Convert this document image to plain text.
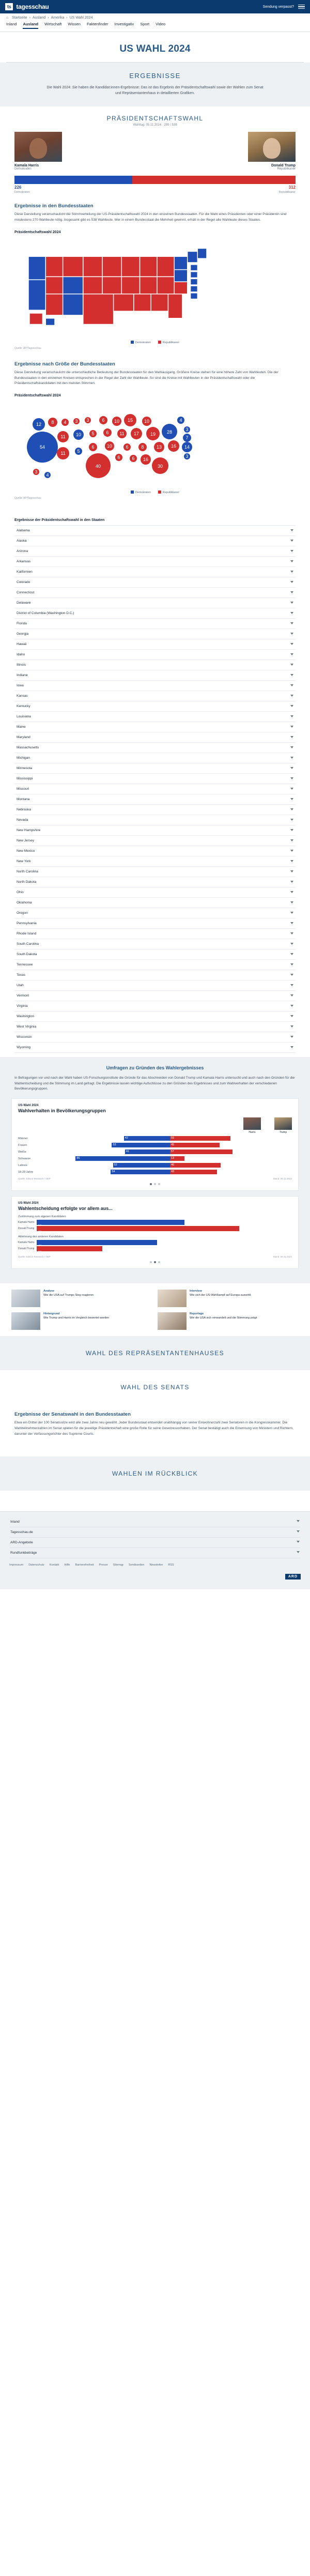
ts tagesschau	Sendung verpasst?
⌂ Startseite › Ausland › Amerika › US Wahl 2024
Inland Ausland Wirtschaft Wissen Faktenfinder Investigativ Sport Video
US WAHL 2024
ERGEBNISSE

Die Wahl 2024: Sie haben die Kandidat:innen-Ergebnisse: Das ist das Ergebnis der Präsidentschaftswahl sowie der Wahlen zum Senat und Repräsentantenhaus in detaillierten Grafiken.

PRÄSIDENTSCHAFTSWAHL
Wahltag: 05.11.2024 · 289 / 538
Kamala Harris
Demokraten
Donald Trump
Republikaner
226	312
Demokraten	Republikaner
Ergebnisse in den Bundesstaaten

Diese Darstellung veranschaulicht die Stimmverteilung der US-Präsidentschaftswahl 2024 in den einzelnen Bundesstaaten. Für die Wahl eines Präsidenten oder einer Präsidentin sind mindestens 270 Wahlleute nötig. Insgesamt gibt es 538 Wahlleute. Wer in einem Bundesstaat die Mehrheit gewinnt, erhält in der Regel alle Wahlleute dieses Staates.

Präsidentschaftswahl 2024
Demokraten	Republikaner
Quelle: AP/Tagesschau
Ergebnisse nach Größe der Bundesstaaten

Diese Darstellung veranschaulicht die unterschiedliche Bedeutung der Bundesstaaten für den Wahlausgang. Größere Kreise stehen für eine höhere Zahl von Wahlleuten. Die der Bundesstaaten in den einzelnen Kreisen entsprechen in der Regel der Zahl der Wahlleute. So sind die Kreise mit Wahlleuten in der Präsidentschaftswahl oder die Präsidentschaftskandidaten mit den meisten Stimmen.

Präsidentschaftswahl 2024
54
12 8 4
11
11
10
5
3 3
5
6
40
6
6
10
10
11
6
6
15
17
6
8
16
10
19
13
30
28
16
4
3
7
14
3
3
4
Demokraten	Republikaner
Quelle: AP/Tagesschau
Ergebnisse der Präsidentschaftswahl in den Staaten
Alabama
Alaska
Arizona
Arkansas
Kalifornien
Colorado
Connecticut
Delaware
District of Columbia (Washington D.C.)
Florida
Georgia
Hawaii
Idaho
Illinois
Indiana
Iowa
Kansas
Kentucky
Louisiana
Maine
Maryland
Massachusetts
Michigan
Minnesota
Mississippi
Missouri
Montana
Nebraska
Nevada
New Hampshire
New Jersey
New Mexico
New York
North Carolina
North Dakota
Ohio
Oklahoma
Oregon
Pennsylvania
Rhode Island
South Carolina
South Dakota
Tennessee
Texas
Utah
Vermont
Virginia
Washington
West Virginia
Wisconsin
Wyoming
Umfragen zu Gründen des Wahlergebnisses

In Befragungen vor und nach der Wahl haben US-Forschungsinstitute die Gründe für das Abschneiden von Donald Trump und Kamala Harris untersucht und auch nach den Gründen für die Wahlentscheidung und die Stimmung im Land gefragt. Die Ergebnisse lassen wichtige Aufschlüsse zu den Gründen des Ergebnisses und zum Wahlverhalten der verschiedenen Bevölkerungsgruppen.

US-Wahl 2024
Wahlverhalten in Bevölkerungsgruppen
Harris	Trump
Männer	42	55
Frauen	53	45
Weiße	41	57
Schwarze	86	13
Latinos	52	46
18-29 Jahre	54	43
Quelle: Edison Research / NEP	Stand: 06.11.2024
US-Wahl 2024
Wahlentscheidung erfolgte vor allem aus...
Zustimmung zum eigenen Kandidaten
Kamala Harris
Donald Trump
74
Ablehnung des anderen Kandidaten
Kamala Harris
Donald Trump
24
Quelle: Edison Research / NEP	Stand: 06.11.2024
Analyse
Wie die USA auf Trumps Sieg reagieren
Interview
Wie sich der US-Wahlkampf auf Europa auswirkt
Hintergrund
Wie Trump und Harris im Vergleich bewertet werden
Reportage
Wie die USA sich verwandelt und die Stimmung prägt
WAHL DES REPRÄSENTANTENHAUSES
WAHL DES SENATS
Ergebnisse der Senatswahl in den Bundesstaaten

Etwa ein Drittel der 100 Senatssitze wird alle zwei Jahre neu gewählt. Jeder Bundesstaat entsendet unabhängig von seiner Einwohnerzahl zwei Senatoren in die Kongresskammer. Die Wahlteilnehmerzahlen im Senat spielen für die jeweilige Präsidentschaft eine große Rolle für seine Gesetzesvorhaben. Der Senat bestätigt auch die Ernennung von Ministern und Richtern, darunter der Verfassungsrichter des Supreme Courts.

WAHLEN IM RÜCKBLICK
Inland
Tagesschau.de
ARD-Angebote
Rundfunkbeiträge
Impressum Datenschutz Kontakt Hilfe Barrierefreiheit Presse Sitemap Sendezeiten Newsletter RSS
ARD
